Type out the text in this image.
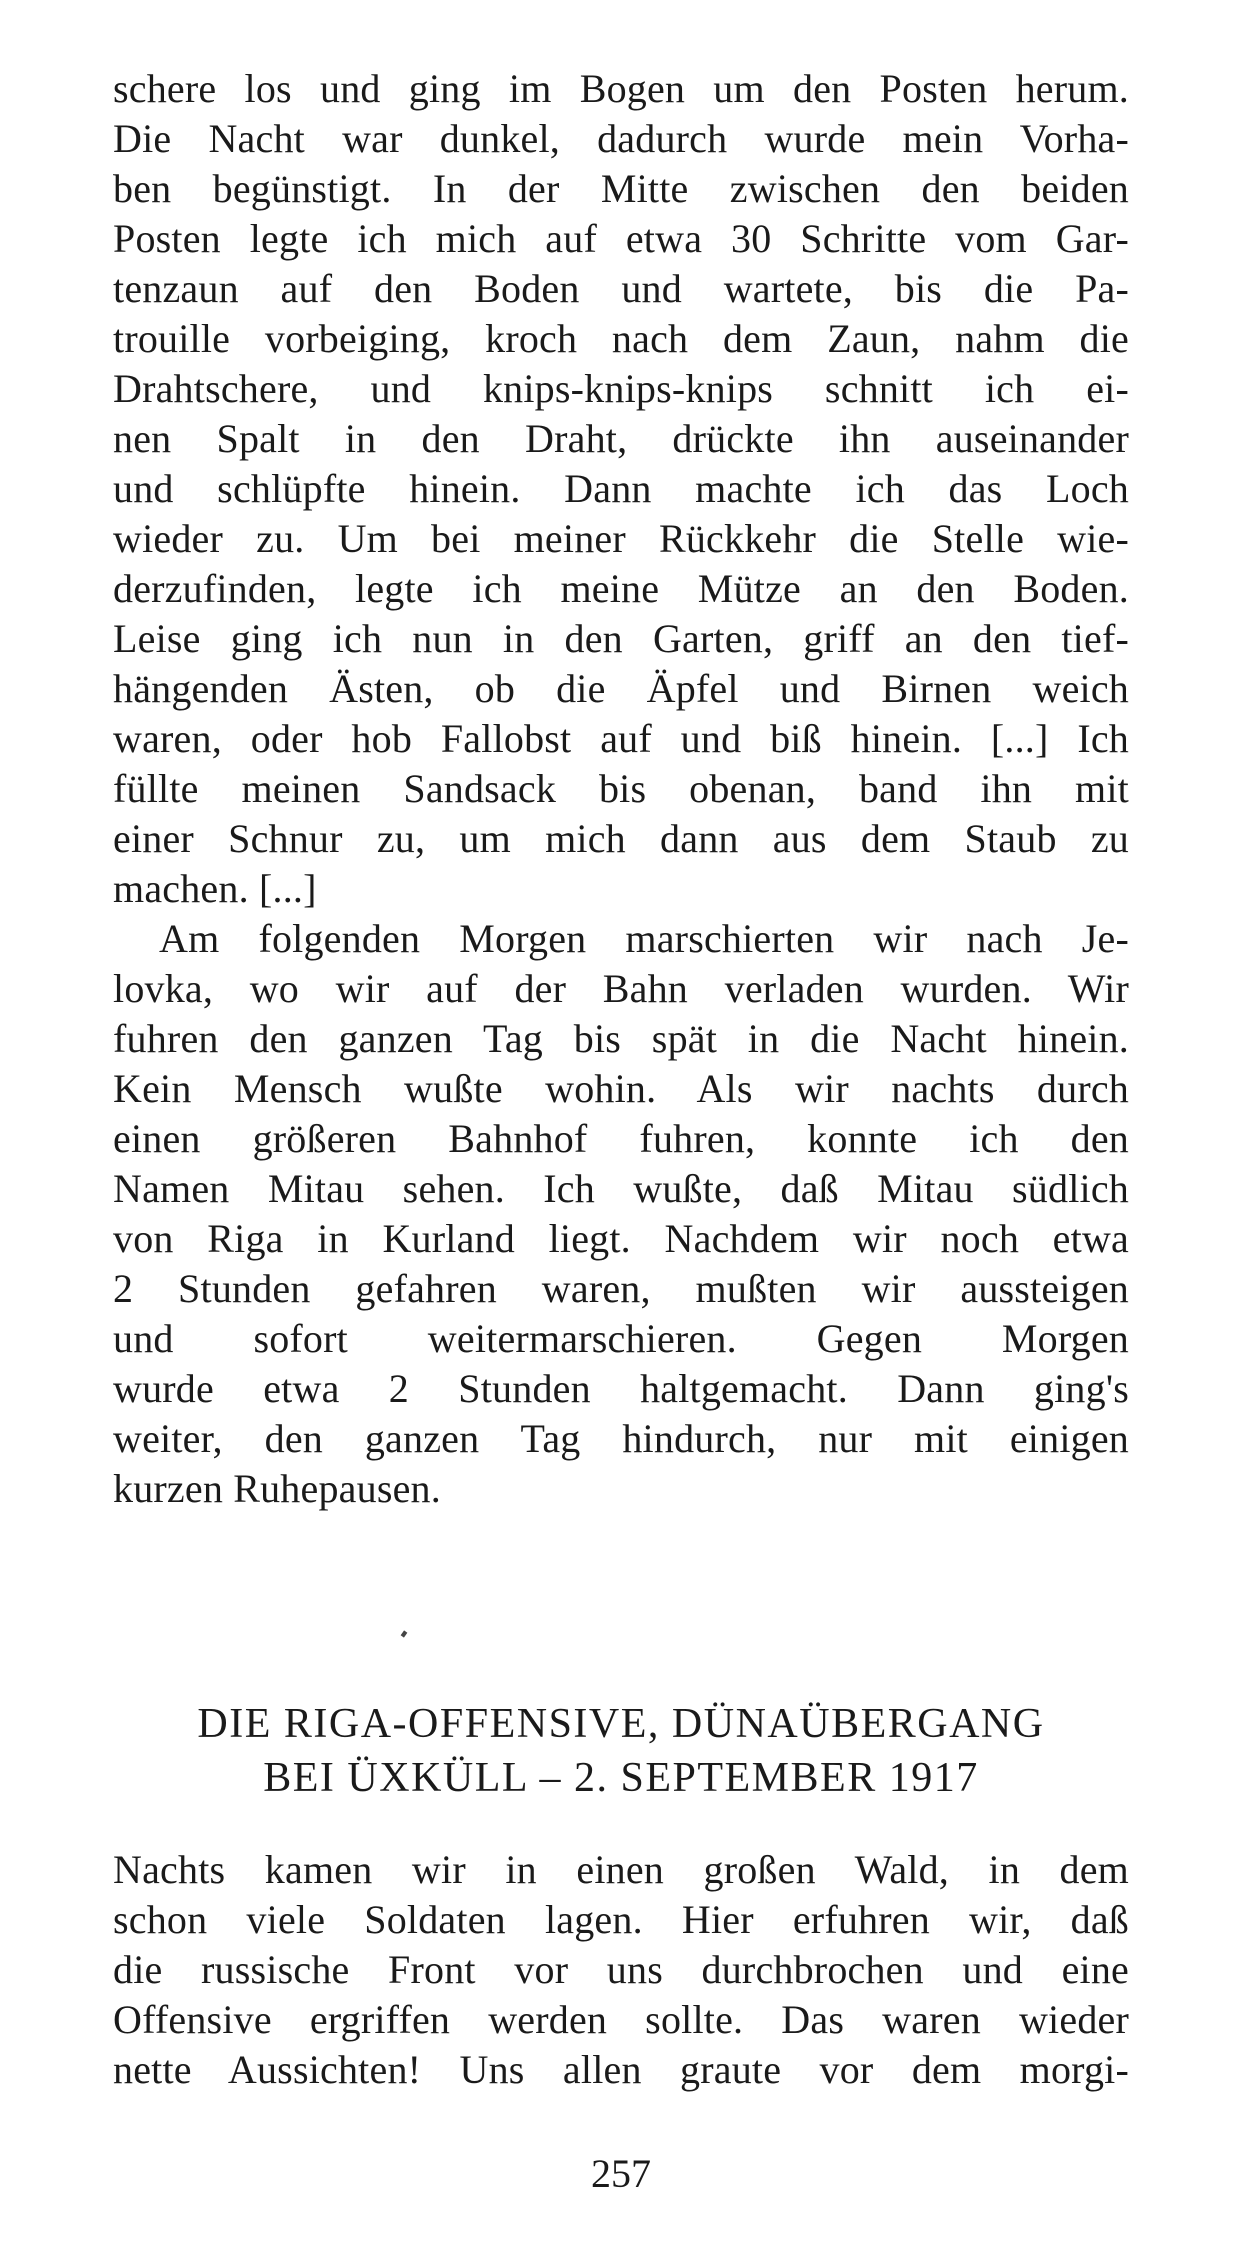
schere los und ging im Bogen um den Posten herum.
Die Nacht war dunkel, dadurch wurde mein Vorha-
ben begünstigt. In der Mitte zwischen den beiden
Posten legte ich mich auf etwa 30 Schritte vom Gar-
tenzaun auf den Boden und wartete, bis die Pa-
trouille vorbeiging, kroch nach dem Zaun, nahm die
Drahtschere, und knips-knips-knips schnitt ich ei-
nen Spalt in den Draht, drückte ihn auseinander
und schlüpfte hinein. Dann machte ich das Loch
wieder zu. Um bei meiner Rückkehr die Stelle wie-
derzufinden, legte ich meine Mütze an den Boden.
Leise ging ich nun in den Garten, griff an den tief-
hängenden Ästen, ob die Äpfel und Birnen weich
waren, oder hob Fallobst auf und biß hinein. [...] Ich
füllte meinen Sandsack bis obenan, band ihn mit
einer Schnur zu, um mich dann aus dem Staub zu
machen. [...]
Am folgenden Morgen marschierten wir nach Je-
lovka, wo wir auf der Bahn verladen wurden. Wir
fuhren den ganzen Tag bis spät in die Nacht hinein.
Kein Mensch wußte wohin. Als wir nachts durch
einen größeren Bahnhof fuhren, konnte ich den
Namen Mitau sehen. Ich wußte, daß Mitau südlich
von Riga in Kurland liegt. Nachdem wir noch etwa
2 Stunden gefahren waren, mußten wir aussteigen
und sofort weitermarschieren. Gegen Morgen
wurde etwa 2 Stunden haltgemacht. Dann ging's
weiter, den ganzen Tag hindurch, nur mit einigen
kurzen Ruhepausen.
DIE RIGA-OFFENSIVE, DÜNAÜBERGANG
BEI ÜXKÜLL – 2. SEPTEMBER 1917
Nachts kamen wir in einen großen Wald, in dem
schon viele Soldaten lagen. Hier erfuhren wir, daß
die russische Front vor uns durchbrochen und eine
Offensive ergriffen werden sollte. Das waren wieder
nette Aussichten! Uns allen graute vor dem morgi-
257
